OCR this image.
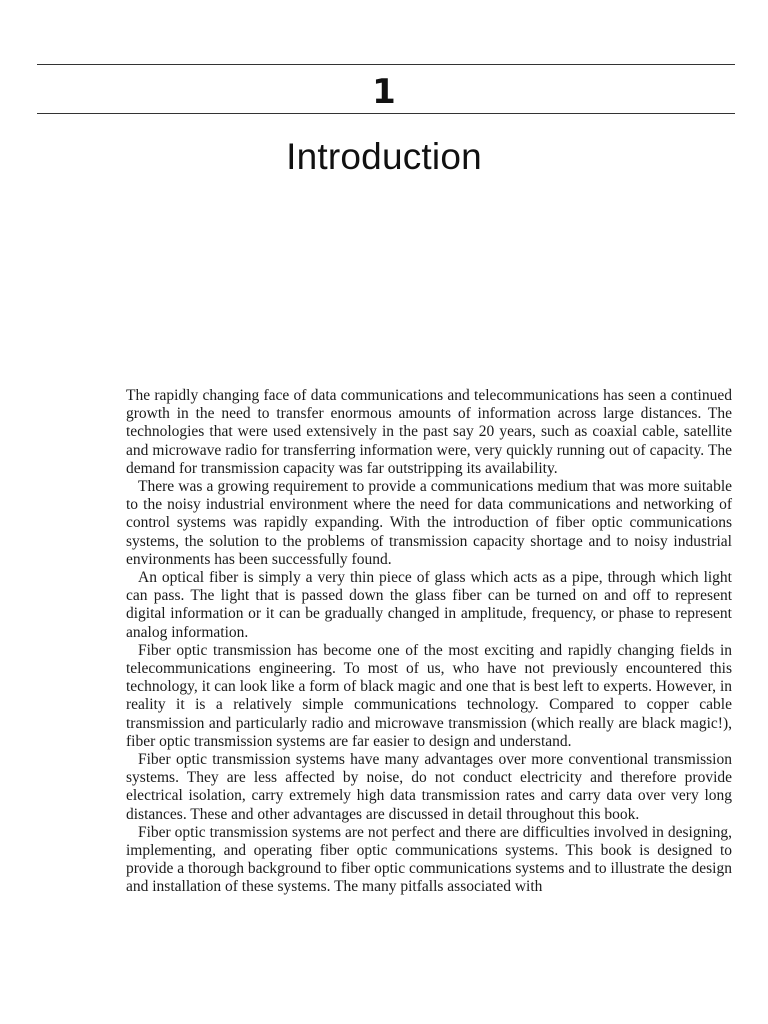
1
Introduction

The rapidly changing face of data communications and telecommunications has seen a continued growth in the need to transfer enormous amounts of information across large distances. The technologies that were used extensively in the past say 20 years, such as coaxial cable, satellite and microwave radio for transferring information were, very quickly running out of capacity. The demand for transmission capacity was far outstripping its availability.

There was a growing requirement to provide a communications medium that was more suitable to the noisy industrial environment where the need for data communications and networking of control systems was rapidly expanding. With the introduction of fiber optic communications systems, the solution to the problems of transmission capacity shortage and to noisy industrial environments has been successfully found.

An optical fiber is simply a very thin piece of glass which acts as a pipe, through which light can pass. The light that is passed down the glass fiber can be turned on and off to represent digital information or it can be gradually changed in amplitude, frequency, or phase to represent analog information.

Fiber optic transmission has become one of the most exciting and rapidly changing fields in telecommunications engineering. To most of us, who have not previously encountered this technology, it can look like a form of black magic and one that is best left to experts. However, in reality it is a relatively simple communications technology. Compared to copper cable transmission and particularly radio and microwave transmission (which really are black magic!), fiber optic transmission systems are far easier to design and understand.

Fiber optic transmission systems have many advantages over more conventional transmission systems. They are less affected by noise, do not conduct electricity and therefore provide electrical isolation, carry extremely high data transmission rates and carry data over very long distances. These and other advantages are discussed in detail throughout this book.

Fiber optic transmission systems are not perfect and there are difficulties involved in designing, implementing, and operating fiber optic communications systems. This book is designed to provide a thorough background to fiber optic communications systems and to illustrate the design and installation of these systems. The many pitfalls associated with
